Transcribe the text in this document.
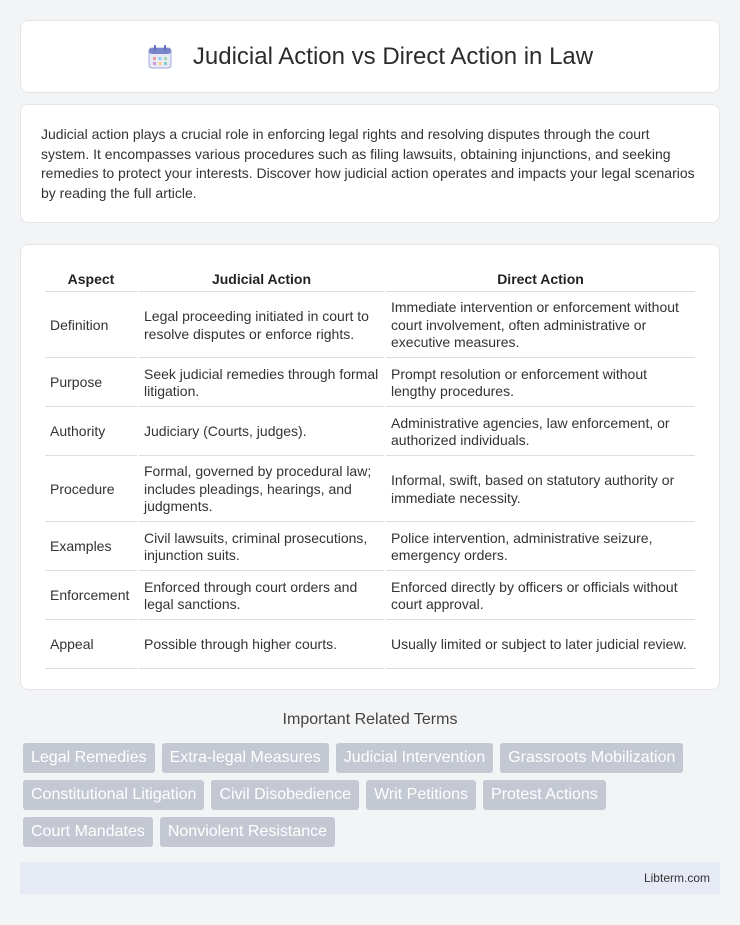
Judicial Action vs Direct Action in Law

Judicial action plays a crucial role in enforcing legal rights and resolving disputes through the court system. It encompasses various procedures such as filing lawsuits, obtaining injunctions, and seeking remedies to protect your interests. Discover how judicial action operates and impacts your legal scenarios by reading the full article.

Aspect	Judicial Action	Direct Action
Definition	Legal proceeding initiated in court to resolve disputes or enforce rights.	Immediate intervention or enforcement without court involvement, often administrative or executive measures.
Purpose	Seek judicial remedies through formal litigation.	Prompt resolution or enforcement without lengthy procedures.
Authority	Judiciary (Courts, judges).	Administrative agencies, law enforcement, or authorized individuals.
Procedure	Formal, governed by procedural law; includes pleadings, hearings, and judgments.	Informal, swift, based on statutory authority or immediate necessity.
Examples	Civil lawsuits, criminal prosecutions, injunction suits.	Police intervention, administrative seizure, emergency orders.
Enforcement	Enforced through court orders and legal sanctions.	Enforced directly by officers or officials without court approval.
Appeal	Possible through higher courts.	Usually limited or subject to later judicial review.
Important Related Terms
Legal Remedies	Extra-legal Measures	Judicial Intervention	Grassroots Mobilization
Constitutional Litigation	Civil Disobedience	Writ Petitions	Protest Actions
Court Mandates	Nonviolent Resistance
Libterm.com
